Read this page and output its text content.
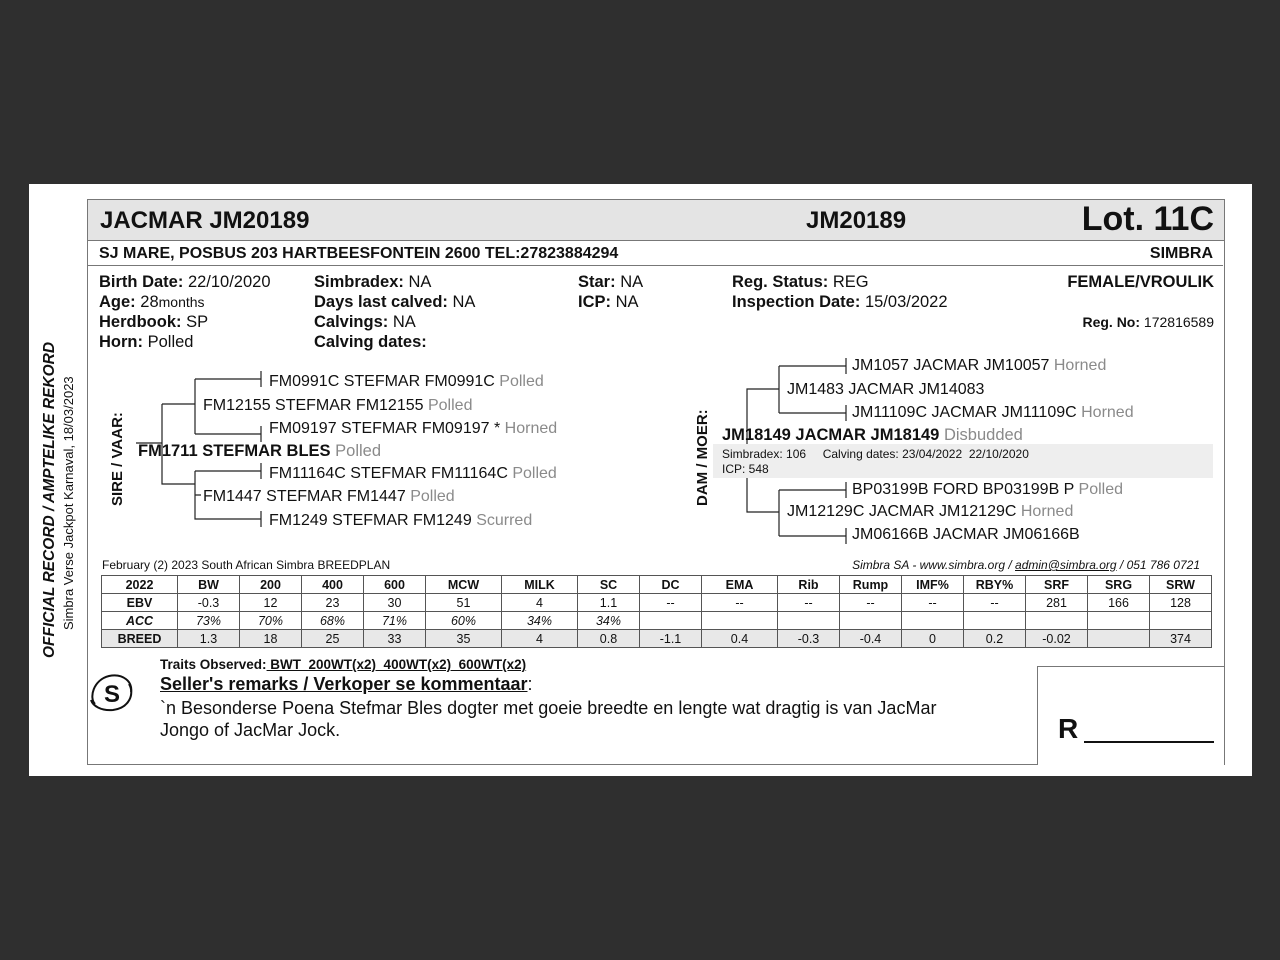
OFFICIAL RECORD / AMPTELIKE REKORD Simbra Verse Jackpot Karnaval, 18/03/2023
JACMAR JM20189	JM20189	Lot. 11C
SJ MARE, POSBUS 203 HARTBEESFONTEIN 2600 TEL:27823884294	SIMBRA
Birth Date: 22/10/2020
Age: 28months
Herdbook: SP
Horn: Polled
Simbradex: NA
Days last calved: NA
Calvings: NA
Calving dates:
Star: NA
ICP: NA
Reg. Status: REG
Inspection Date: 15/03/2022
FEMALE/VROULIK
Reg. No: 172816589
SIRE / VAAR:
FM0991C STEFMAR FM0991C Polled
FM12155 STEFMAR FM12155 Polled
FM09197 STEFMAR FM09197 * Horned
FM1711 STEFMAR BLES Polled
FM11164C STEFMAR FM11164C Polled
FM1447 STEFMAR FM1447 Polled
FM1249 STEFMAR FM1249 Scurred
DAM / MOER:
JM1057 JACMAR JM10057 Horned
JM1483 JACMAR JM14083
JM11109C JACMAR JM11109C Horned
JM18149 JACMAR JM18149 Disbudded
Simbradex: 106     Calving dates: 23/04/2022  22/10/2020
ICP: 548
BP03199B FORD BP03199B P Polled
JM12129C JACMAR JM12129C Horned
JM06166B JACMAR JM06166B
February (2) 2023 South African Simbra BREEDPLAN	Simbra SA - www.simbra.org / admin@simbra.org / 051 786 0721
2022	BW	200	400	600	MCW	MILK	SC	DC	EMA	Rib	Rump	IMF%	RBY%	SRF	SRG	SRW
EBV	-0.3	12	23	30	51	4	1.1	--	--	--	--	--	--	281	166	128
ACC	73%	70%	68%	71%	60%	34%	34%									
BREED	1.3	18	25	33	35	4	0.8	-1.1	0.4	-0.3	-0.4	0	0.2	-0.02		374
Traits Observed: BWT  200WT(x2)  400WT(x2)  600WT(x2)
S Seller's remarks / Verkoper se kommentaar:
`n Besonderse Poena Stefmar Bles dogter met goeie breedte en lengte wat dragtig is van JacMar
Jongo of JacMar Jock.	R
